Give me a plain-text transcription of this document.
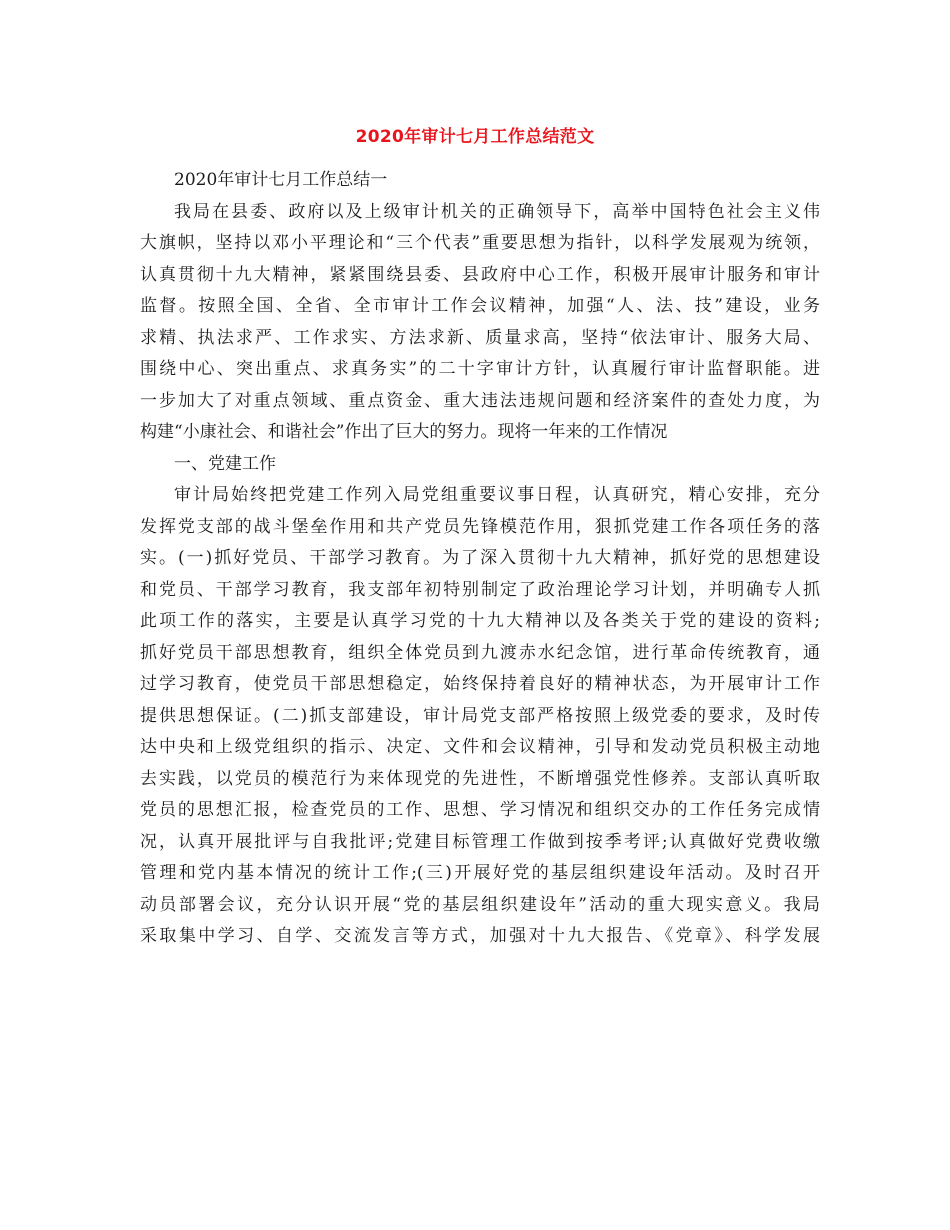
2020年审计七月工作总结范文
2020年审计七月工作总结一
我局在县委、政府以及上级审计机关的正确领导下，高举中国特色社会主义伟
大旗帜，坚持以邓小平理论和“三个代表”重要思想为指针，以科学发展观为统领，
认真贯彻十九大精神，紧紧围绕县委、县政府中心工作，积极开展审计服务和审计
监督。按照全国、全省、全市审计工作会议精神，加强“人、法、技”建设，业务
求精、执法求严、工作求实、方法求新、质量求高，坚持“依法审计、服务大局、
围绕中心、突出重点、求真务实”的二十字审计方针，认真履行审计监督职能。进
一步加大了对重点领域、重点资金、重大违法违规问题和经济案件的查处力度，为
构建“小康社会、和谐社会”作出了巨大的努力。现将一年来的工作情况
一、党建工作
审计局始终把党建工作列入局党组重要议事日程，认真研究，精心安排，充分
发挥党支部的战斗堡垒作用和共产党员先锋模范作用，狠抓党建工作各项任务的落
实。(一)抓好党员、干部学习教育。为了深入贯彻十九大精神，抓好党的思想建设
和党员、干部学习教育，我支部年初特别制定了政治理论学习计划，并明确专人抓
此项工作的落实，主要是认真学习党的十九大精神以及各类关于党的建设的资料;
抓好党员干部思想教育，组织全体党员到九渡赤水纪念馆，进行革命传统教育，通
过学习教育，使党员干部思想稳定，始终保持着良好的精神状态，为开展审计工作
提供思想保证。(二)抓支部建设，审计局党支部严格按照上级党委的要求，及时传
达中央和上级党组织的指示、决定、文件和会议精神，引导和发动党员积极主动地
去实践，以党员的模范行为来体现党的先进性，不断增强党性修养。支部认真听取
党员的思想汇报，检查党员的工作、思想、学习情况和组织交办的工作任务完成情
况，认真开展批评与自我批评;党建目标管理工作做到按季考评;认真做好党费收缴
管理和党内基本情况的统计工作;(三)开展好党的基层组织建设年活动。及时召开
动员部署会议，充分认识开展“党的基层组织建设年”活动的重大现实意义。我局
采取集中学习、自学、交流发言等方式，加强对十九大报告、《党章》、科学发展
